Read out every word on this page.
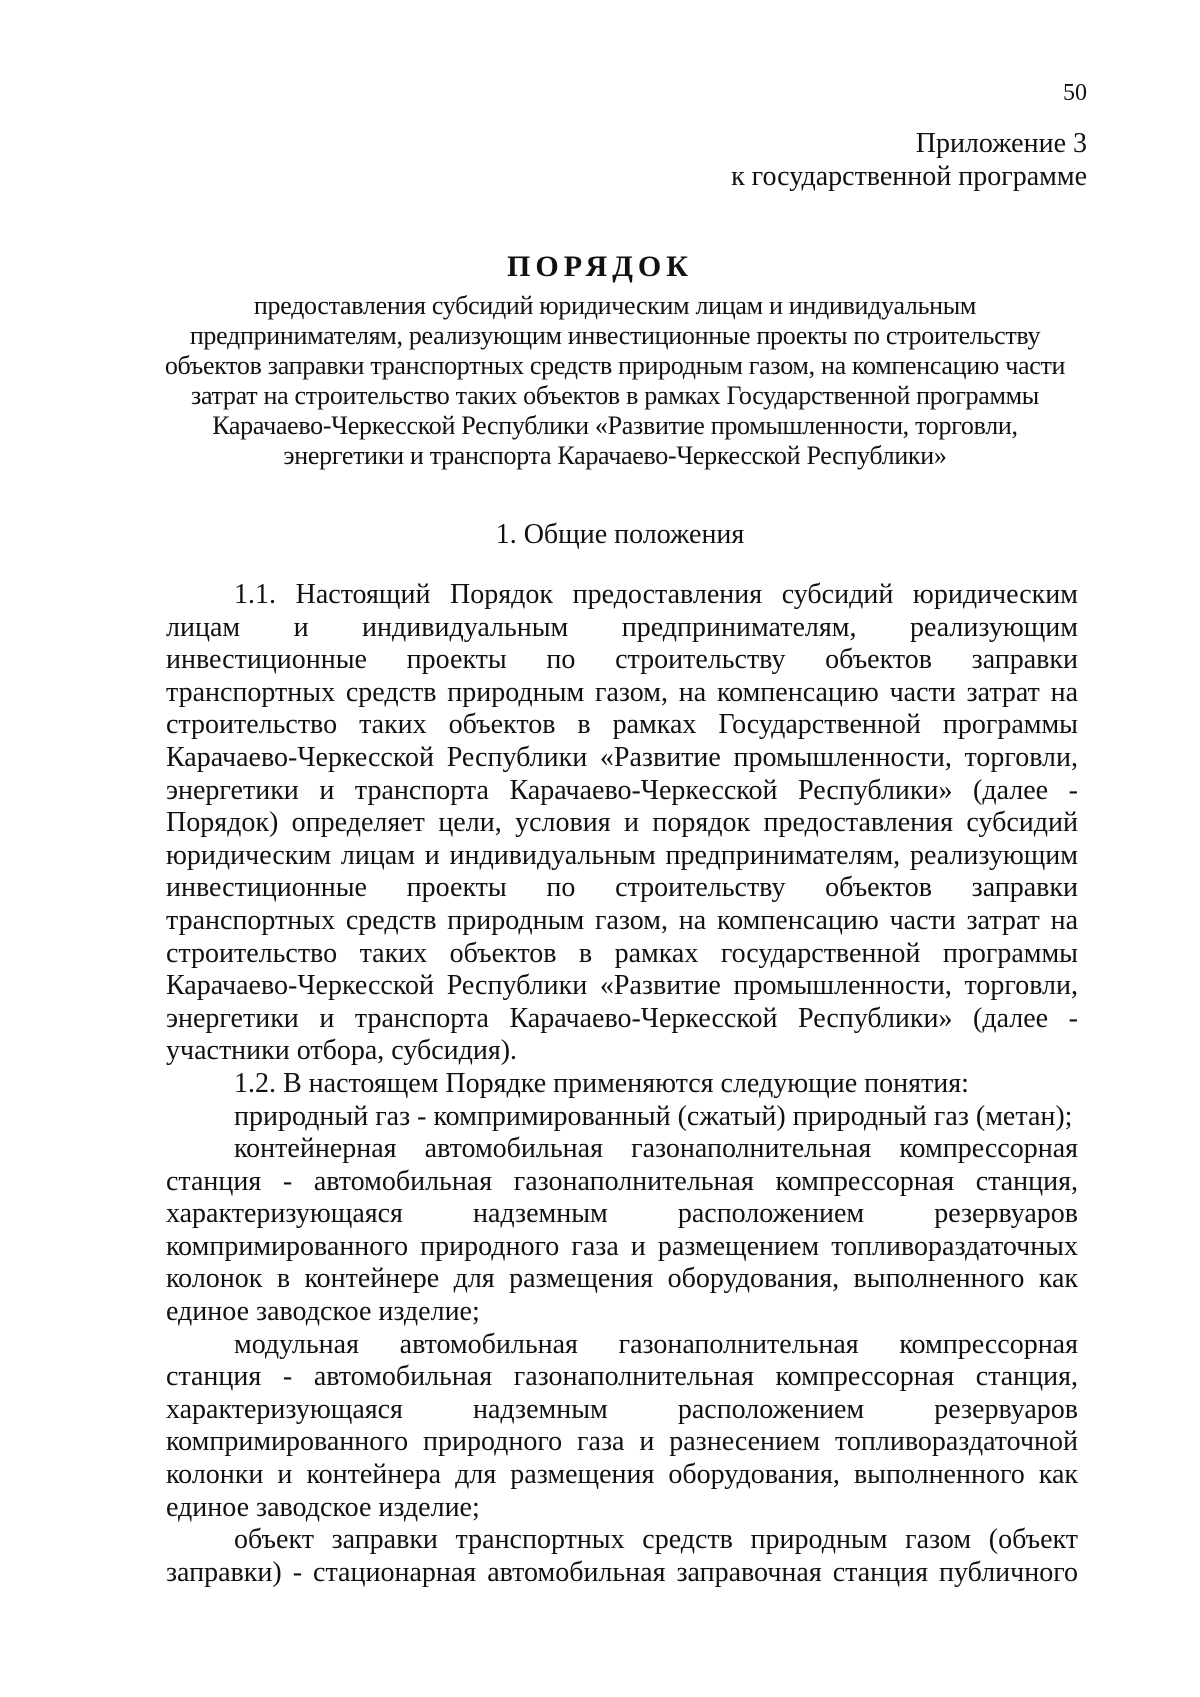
50
Приложение 3
к государственной программе
ПОРЯДОК
предоставления субсидий юридическим лицам и индивидуальным
предпринимателям, реализующим инвестиционные проекты по строительству
объектов заправки транспортных средств природным газом, на компенсацию части
затрат на строительство таких объектов в рамках Государственной программы
Карачаево-Черкесской Республики «Развитие промышленности, торговли,
энергетики и транспорта Карачаево-Черкесской Республики»
1. Общие положения
1.1. Настоящий Порядок предоставления субсидий юридическим
лицам и индивидуальным предпринимателям, реализующим
инвестиционные проекты по строительству объектов заправки
транспортных средств природным газом, на компенсацию части затрат на
строительство таких объектов в рамках Государственной программы
Карачаево-Черкесской Республики «Развитие промышленности, торговли,
энергетики и транспорта Карачаево-Черкесской Республики» (далее -
Порядок) определяет цели, условия и порядок предоставления субсидий
юридическим лицам и индивидуальным предпринимателям, реализующим
инвестиционные проекты по строительству объектов заправки
транспортных средств природным газом, на компенсацию части затрат на
строительство таких объектов в рамках государственной программы
Карачаево-Черкесской Республики «Развитие промышленности, торговли,
энергетики и транспорта Карачаево-Черкесской Республики» (далее -
участники отбора, субсидия).
1.2. В настоящем Порядке применяются следующие понятия:
природный газ - компримированный (сжатый) природный газ (метан);
контейнерная автомобильная газонаполнительная компрессорная
станция - автомобильная газонаполнительная компрессорная станция,
характеризующаяся надземным расположением резервуаров
компримированного природного газа и размещением топливораздаточных
колонок в контейнере для размещения оборудования, выполненного как
единое заводское изделие;
модульная автомобильная газонаполнительная компрессорная
станция - автомобильная газонаполнительная компрессорная станция,
характеризующаяся надземным расположением резервуаров
компримированного природного газа и разнесением топливораздаточной
колонки и контейнера для размещения оборудования, выполненного как
единое заводское изделие;
объект заправки транспортных средств природным газом (объект
заправки) - стационарная автомобильная заправочная станция публичного
